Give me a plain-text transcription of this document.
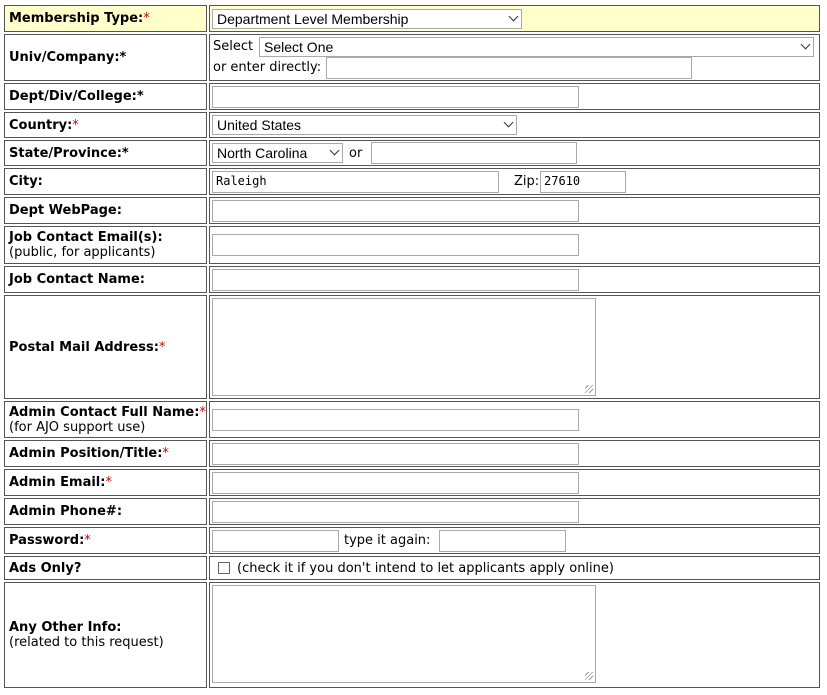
Membership Type:*	Department Level Membership
Univ/Company:*
Select Select One
or enter directly:
Dept/Div/College:*
Country:*	United States
State/Province:*	North Carolina	or
City:	Raleigh	Zip: 27610
Dept WebPage:
Job Contact Email(s):
(public, for applicants)
Job Contact Name:
Postal Mail Address:*
Admin Contact Full Name:*
(for AJO support use)
Admin Position/Title:*
Admin Email:*
Admin Phone#:
Password:*	type it again:
Ads Only?	(check it if you don't intend to let applicants apply online)
Any Other Info:
(related to this request)
